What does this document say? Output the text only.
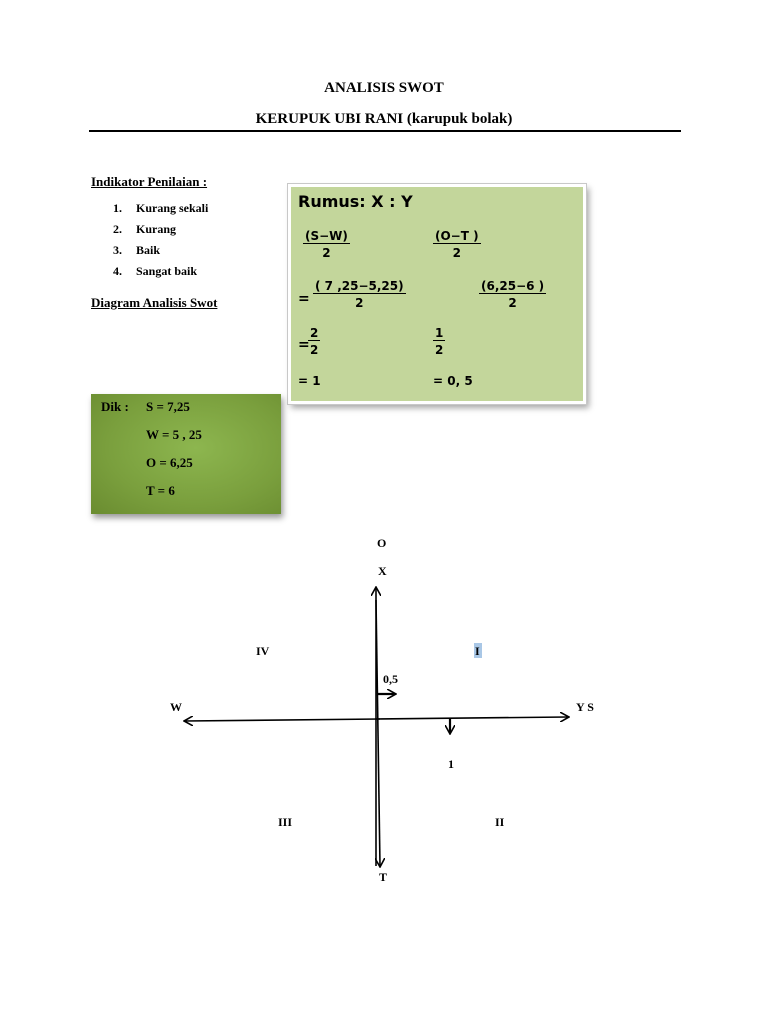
ANALISIS SWOT
KERUPUK UBI RANI (karupuk bolak)
Indikator Penilaian :
1. Kurang sekali
2. Kurang
3. Baik
4. Sangat baik
Diagram Analisis Swot
Rumus: X : Y
$\frac{(S-W)}{2}$	$\frac{(O-T )}{2}$
= $\frac{( 7 ,25-5,25)}{2}$	$\frac{(6,25-6 )}{2}$
=
$\frac{2}{2}$	$\frac{1}{2}$
= 1	= 0, 5
Dik : S = 7,25
W = 5 , 25
O = 6,25
T = 6
O
X
T
W	Y S
I
II
III
IV
0,5
1
